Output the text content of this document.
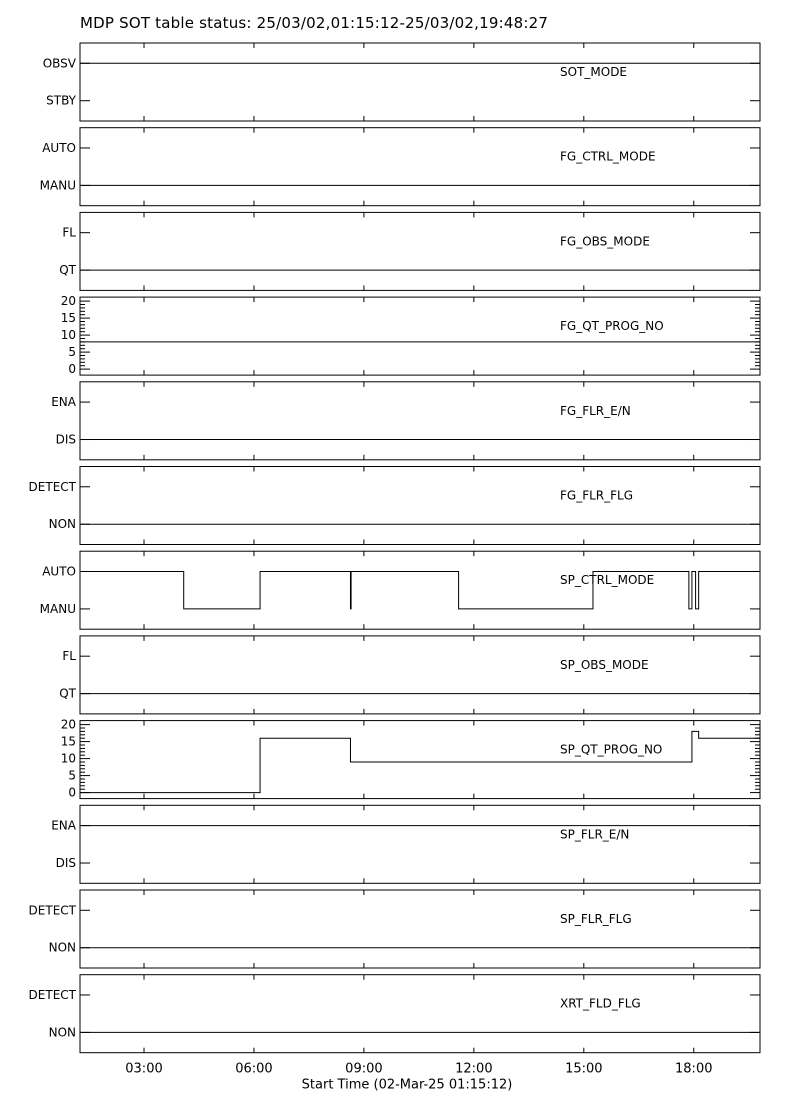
MDP SOT table status: 25/03/02,01:15:12-25/03/02,19:48:27
STBY
OBSV
SOT_MODE
MANU
AUTO
FG_CTRL_MODE
QT
FL
FG_OBS_MODE
0
5
10
15
20
FG_QT_PROG_NO
DIS
ENA
FG_FLR_E/N
NON
DETECT
FG_FLR_FLG
MANU
AUTO
SP_CTRL_MODE
QT
FL
SP_OBS_MODE
0
5
10
15
20
SP_QT_PROG_NO
DIS
ENA
SP_FLR_E/N
NON
DETECT
SP_FLR_FLG
NON
DETECT
XRT_FLD_FLG
03:00	06:00	09:00	12:00	15:00	18:00
Start Time (02-Mar-25 01:15:12)
